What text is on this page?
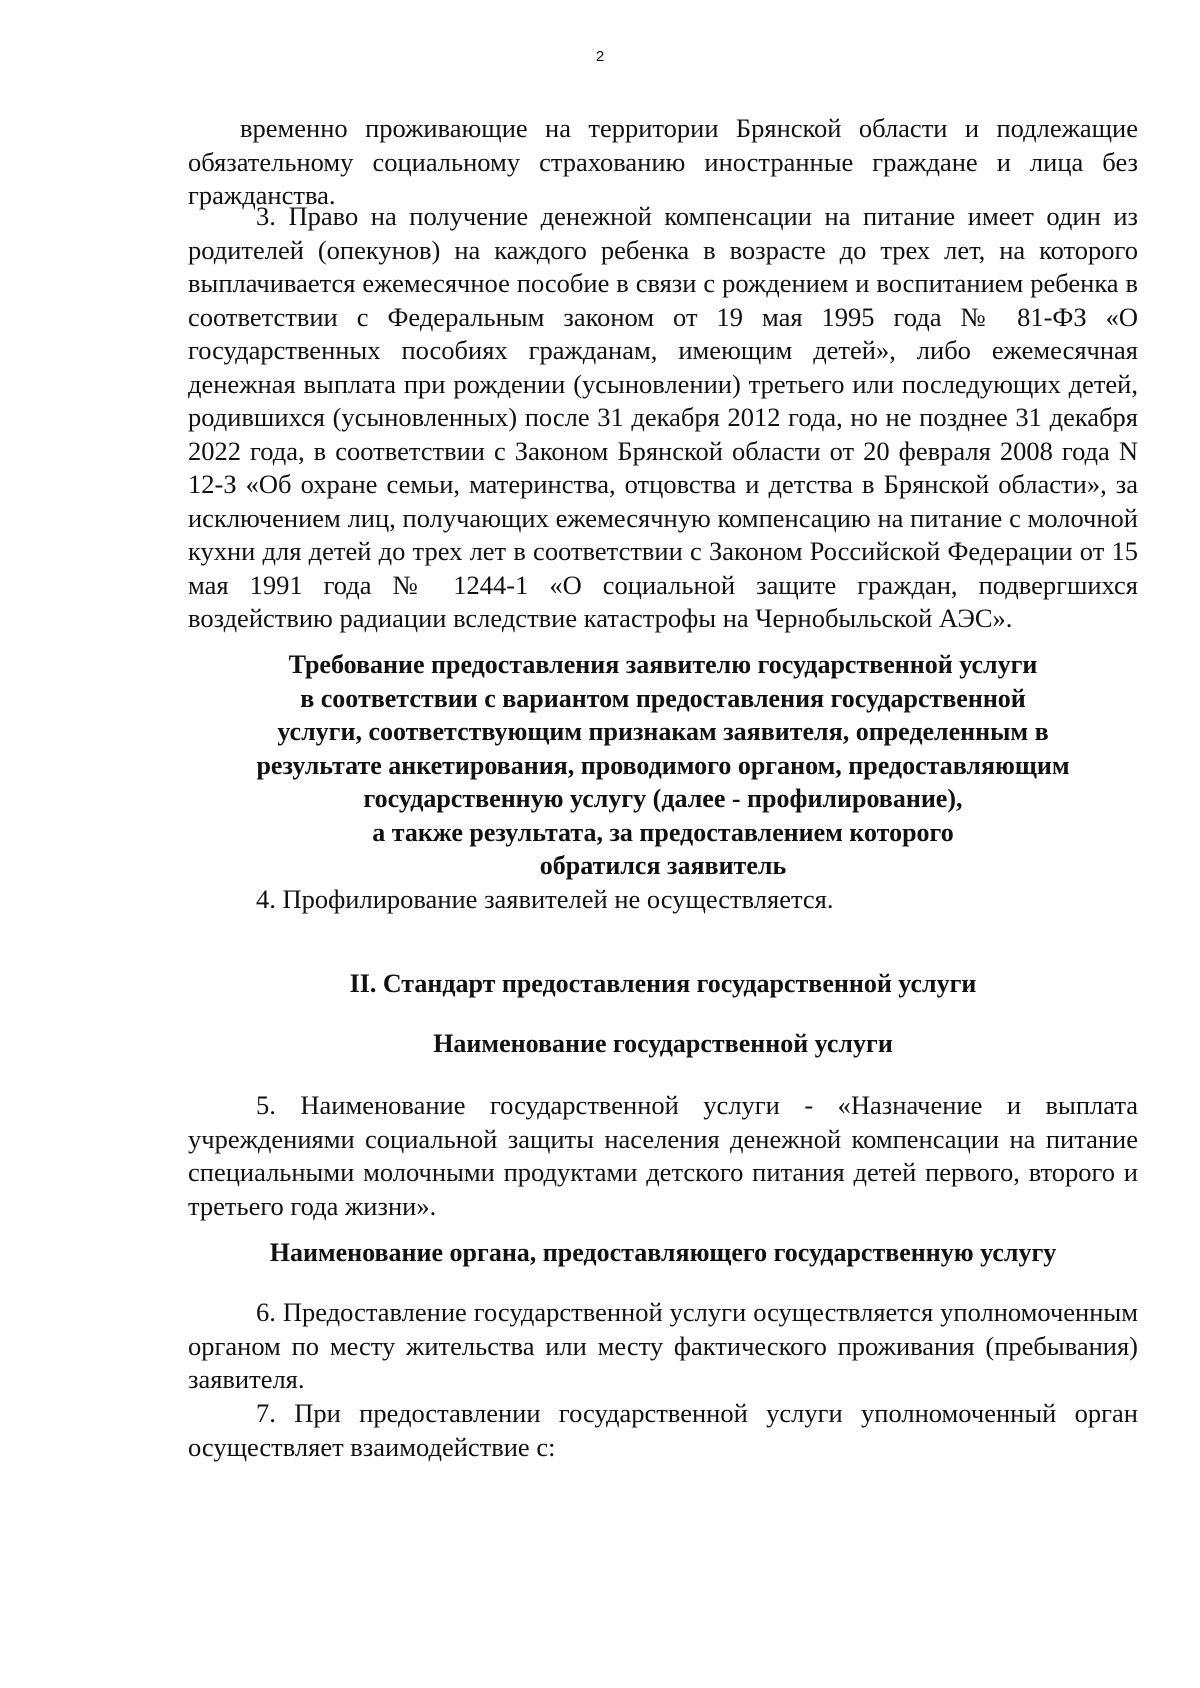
2

временно проживающие на территории Брянской области и подлежащие обязательному социальному страхованию иностранные граждане и лица без гражданства.

3. Право на получение денежной компенсации на питание имеет один из родителей (опекунов) на каждого ребенка в возрасте до трех лет, на которого выплачивается ежемесячное пособие в связи с рождением и воспитанием ребенка в соответствии с Федеральным законом от 19 мая 1995 года № 81-ФЗ «О государственных пособиях гражданам, имеющим детей», либо ежемесячная денежная выплата при рождении (усыновлении) третьего или последующих детей, родившихся (усыновленных) после 31 декабря 2012 года, но не позднее 31 декабря 2022 года, в соответствии с Законом Брянской области от 20 февраля 2008 года N 12-З «Об охране семьи, материнства, отцовства и детства в Брянской области», за исключением лиц, получающих ежемесячную компенсацию на питание с молочной кухни для детей до трех лет в соответствии с Законом Российской Федерации от 15 мая 1991 года № 1244-1 «О социальной защите граждан, подвергшихся воздействию радиации вследствие катастрофы на Чернобыльской АЭС».

Требование предоставления заявителю государственной услуги
в соответствии с вариантом предоставления государственной
услуги, соответствующим признакам заявителя, определенным в
результате анкетирования, проводимого органом, предоставляющим
государственную услугу (далее - профилирование),
а также результата, за предоставлением которого
обратился заявитель

4. Профилирование заявителей не осуществляется.

II. Стандарт предоставления государственной услуги
Наименование государственной услуги

5. Наименование государственной услуги - «Назначение и выплата учреждениями социальной защиты населения денежной компенсации на питание специальными молочными продуктами детского питания детей первого, второго и третьего года жизни».

Наименование органа, предоставляющего государственную услугу

6. Предоставление государственной услуги осуществляется уполномоченным органом по месту жительства или месту фактического проживания (пребывания) заявителя.

7. При предоставлении государственной услуги уполномоченный орган осуществляет взаимодействие с:
